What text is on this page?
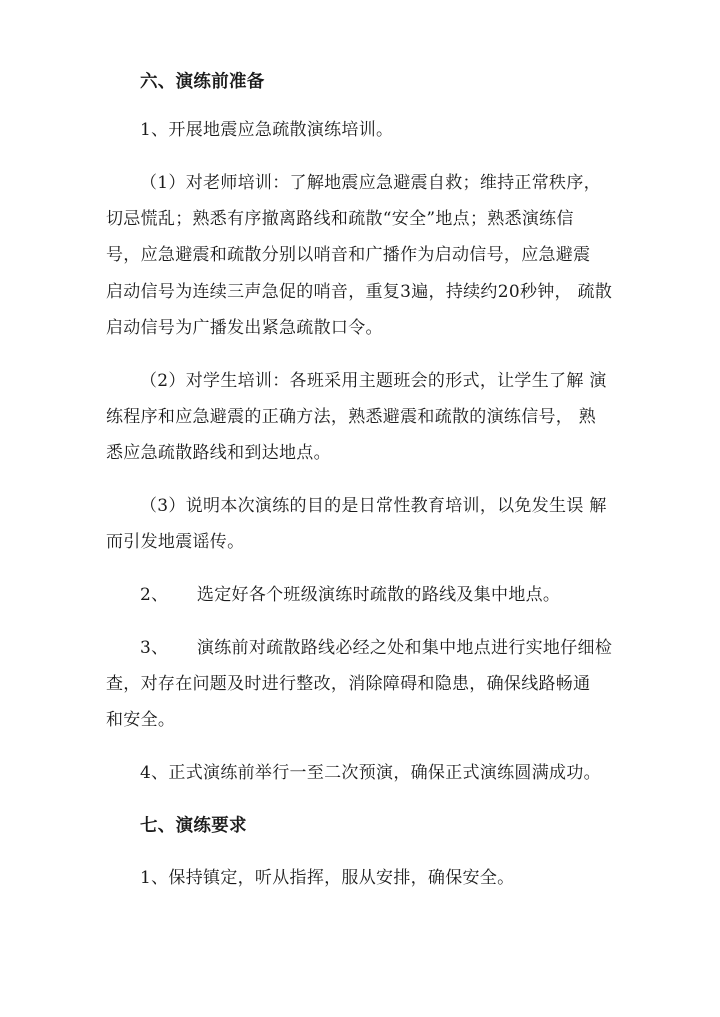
六、演练前准备
1、开展地震应急疏散演练培训。
（1）对老师培训：了解地震应急避震自救；维持正常秩序，
切忌慌乱；熟悉有序撤离路线和疏散“安全”地点；熟悉演练信
号，应急避震和疏散分别以哨音和广播作为启动信号，应急避震
启动信号为连续三声急促的哨音，重复3遍，持续约20秒钟， 疏散
启动信号为广播发出紧急疏散口令。
（2）对学生培训：各班采用主题班会的形式，让学生了解 演
练程序和应急避震的正确方法，熟悉避震和疏散的演练信号， 熟
悉应急疏散路线和到达地点。
（3）说明本次演练的目的是日常性教育培训，以免发生误 解
而引发地震谣传。
2、     选定好各个班级演练时疏散的路线及集中地点。
3、     演练前对疏散路线必经之处和集中地点进行实地仔细检
查，对存在问题及时进行整改，消除障碍和隐患，确保线路畅通
和安全。
4、正式演练前举行一至二次预演，确保正式演练圆满成功。
七、演练要求
1、保持镇定，听从指挥，服从安排，确保安全。
